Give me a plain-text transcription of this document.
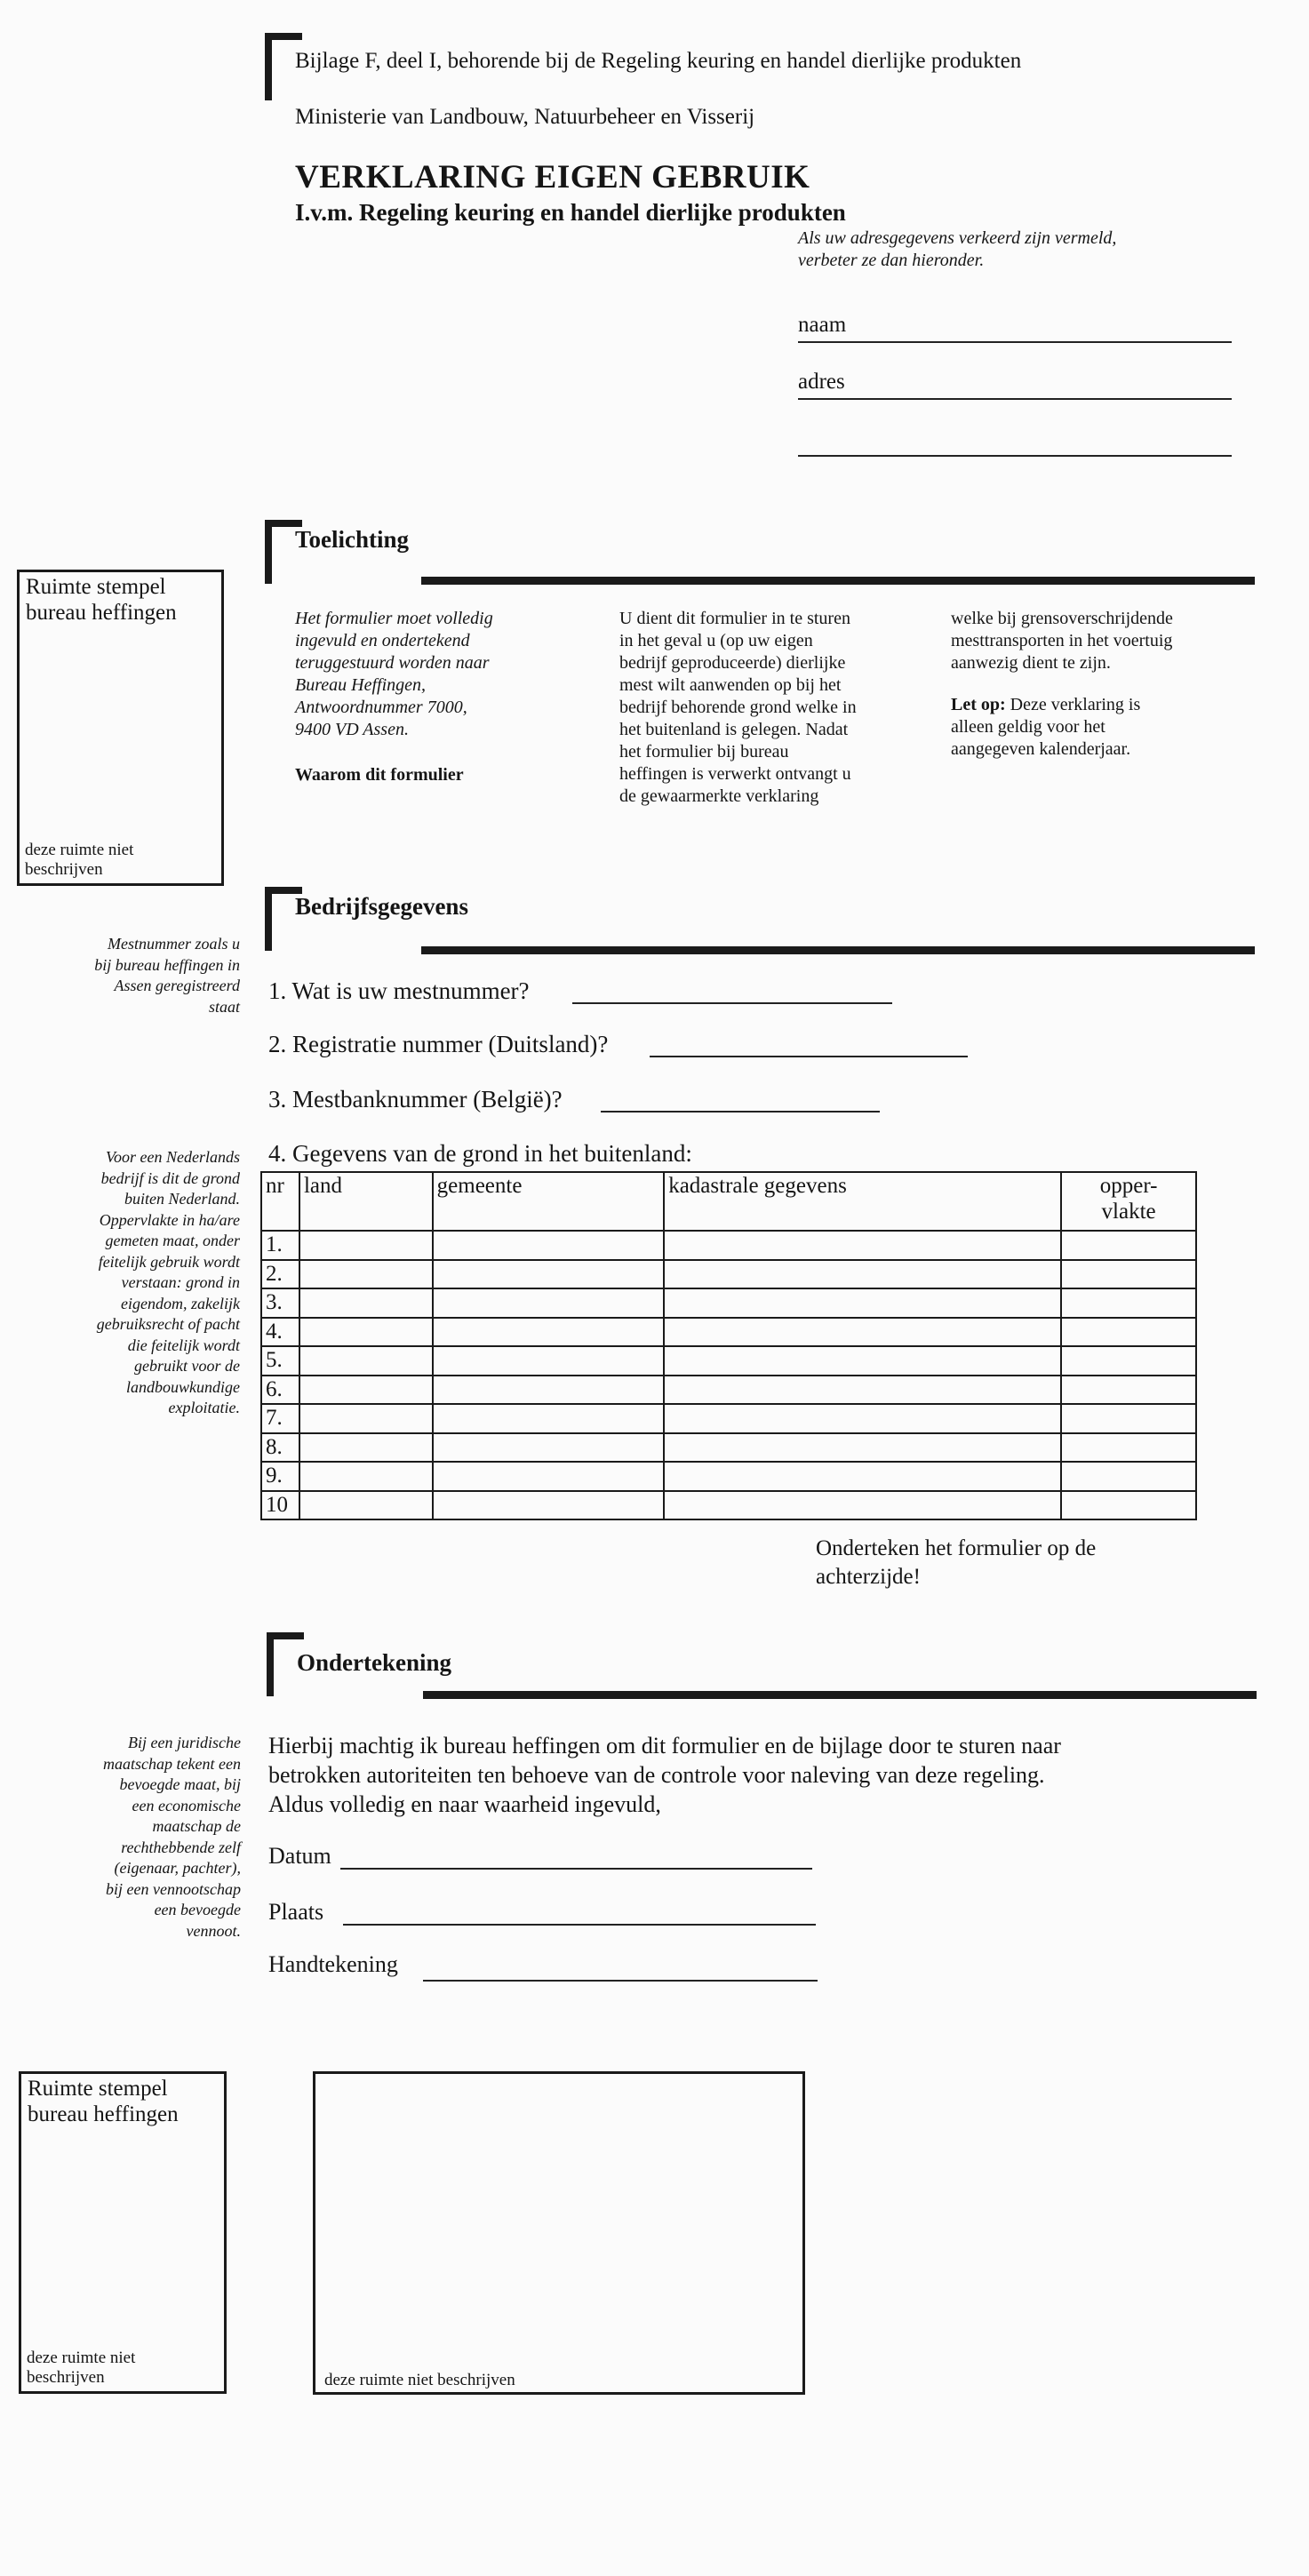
Bijlage F, deel I, behorende bij de Regeling keuring en handel dierlijke produkten
Ministerie van Landbouw, Natuurbeheer en Visserij
VERKLARING EIGEN GEBRUIK
I.v.m. Regeling keuring en handel dierlijke produkten
Als uw adresgegevens verkeerd zijn vermeld,
verbeter ze dan hieronder.
naam
adres
Toelichting
Ruimte stempel
bureau heffingen
deze ruimte niet
beschrijven
Het formulier moet volledig
ingevuld en ondertekend
teruggestuurd worden naar
Bureau Heffingen,
Antwoordnummer 7000,
9400 VD Assen.
Waarom dit formulier
U dient dit formulier in te sturen
in het geval u (op uw eigen
bedrijf geproduceerde) dierlijke
mest wilt aanwenden op bij het
bedrijf behorende grond welke in
het buitenland is gelegen. Nadat
het formulier bij bureau
heffingen is verwerkt ontvangt u
de gewaarmerkte verklaring
welke bij grensoverschrijdende
mesttransporten in het voertuig
aanwezig dient te zijn.
Let op: Deze verklaring is
alleen geldig voor het
aangegeven kalenderjaar.
Bedrijfsgegevens
Mestnummer zoals u
bij bureau heffingen in
Assen geregistreerd
staat
1. Wat is uw mestnummer?
2. Registratie nummer (Duitsland)?
3. Mestbanknummer (België)?
4. Gegevens van de grond in het buitenland:
Voor een Nederlands
bedrijf is dit de grond
buiten Nederland.
Oppervlakte in ha/are
gemeten maat, onder
feitelijk gebruik wordt
verstaan: grond in
eigendom, zakelijk
gebruiksrecht of pacht
die feitelijk wordt
gebruikt voor de
landbouwkundige
exploitatie.
nr	land	gemeente	kadastrale gegevens	opper-
vlakte

1.				
2.				
3.				
4.				
5.				
6.				
7.				
8.				
9.				
10				
Onderteken het formulier op de
achterzijde!
Ondertekening
Bij een juridische
maatschap tekent een
bevoegde maat, bij
een economische
maatschap de
rechthebbende zelf
(eigenaar, pachter),
bij een vennootschap
een bevoegde
vennoot.
Hierbij machtig ik bureau heffingen om dit formulier en de bijlage door te sturen naar
betrokken autoriteiten ten behoeve van de controle voor naleving van deze regeling.
Aldus volledig en naar waarheid ingevuld,
Datum
Plaats
Handtekening
Ruimte stempel
bureau heffingen
deze ruimte niet
beschrijven	deze ruimte niet beschrijven
